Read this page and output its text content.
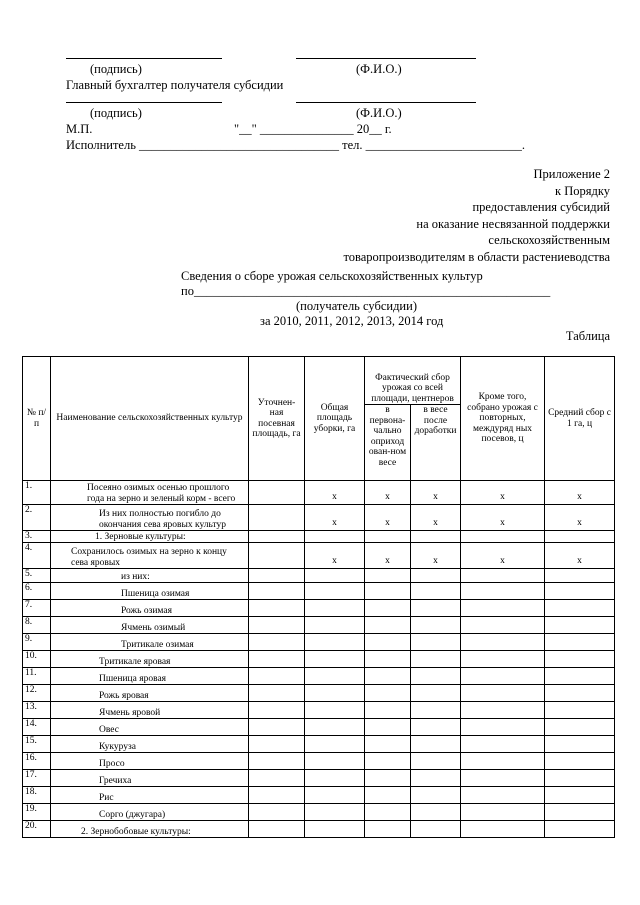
(подпись)	(Ф.И.О.)
Главный бухгалтер получателя субсидии
(подпись)	(Ф.И.О.)
М.П.	"__" _______________ 20__ г.
Исполнитель ________________________________ тел. _________________________.
Приложение 2
к Порядку
предоставления субсидий
на оказание несвязанной поддержки
сельскохозяйственным
товаропроизводителям в области растениеводства
Сведения о сборе урожая сельскохозяйственных культур
по_________________________________________________________
(получатель субсидии)
за 2010, 2011, 2012, 2013, 2014 год
Таблица
№ п/п	Наименование сельскохозяйственных культур	Уточнен-ная посевная площадь, га	Общая площадь уборки, га	Фактический сбор урожая со всей площади, центнеров		Кроме того, собрано урожая с повторных, междуряд ных посевов, ц	Средний сбор с 1 га, ц
				в первона-чально оприход ован-ном весе	в весе после доработки		
1.	Посеяно озимых осенью прошлого года на зерно и зеленый корм - всего		х	х	х	х	х
2.	Из них полностью погибло до окончания сева яровых культур		х	х	х	х	х
3.	1. Зерновые культуры:						
4.	Сохранилось озимых на зерно к концу сева яровых		х	х	х	х	х
5.	из них:						
6.	Пшеница озимая						
7.	Рожь озимая						
8.	Ячмень озимый						
9.	Тритикале озимая						
10.	Тритикале яровая						
11.	Пшеница яровая						
12.	Рожь яровая						
13.	Ячмень яровой						
14.	Овес						
15.	Кукуруза						
16.	Просо						
17.	Гречиха						
18.	Рис						
19.	Сорго (джугара)						
20.	2. Зернобобовые культуры:						
